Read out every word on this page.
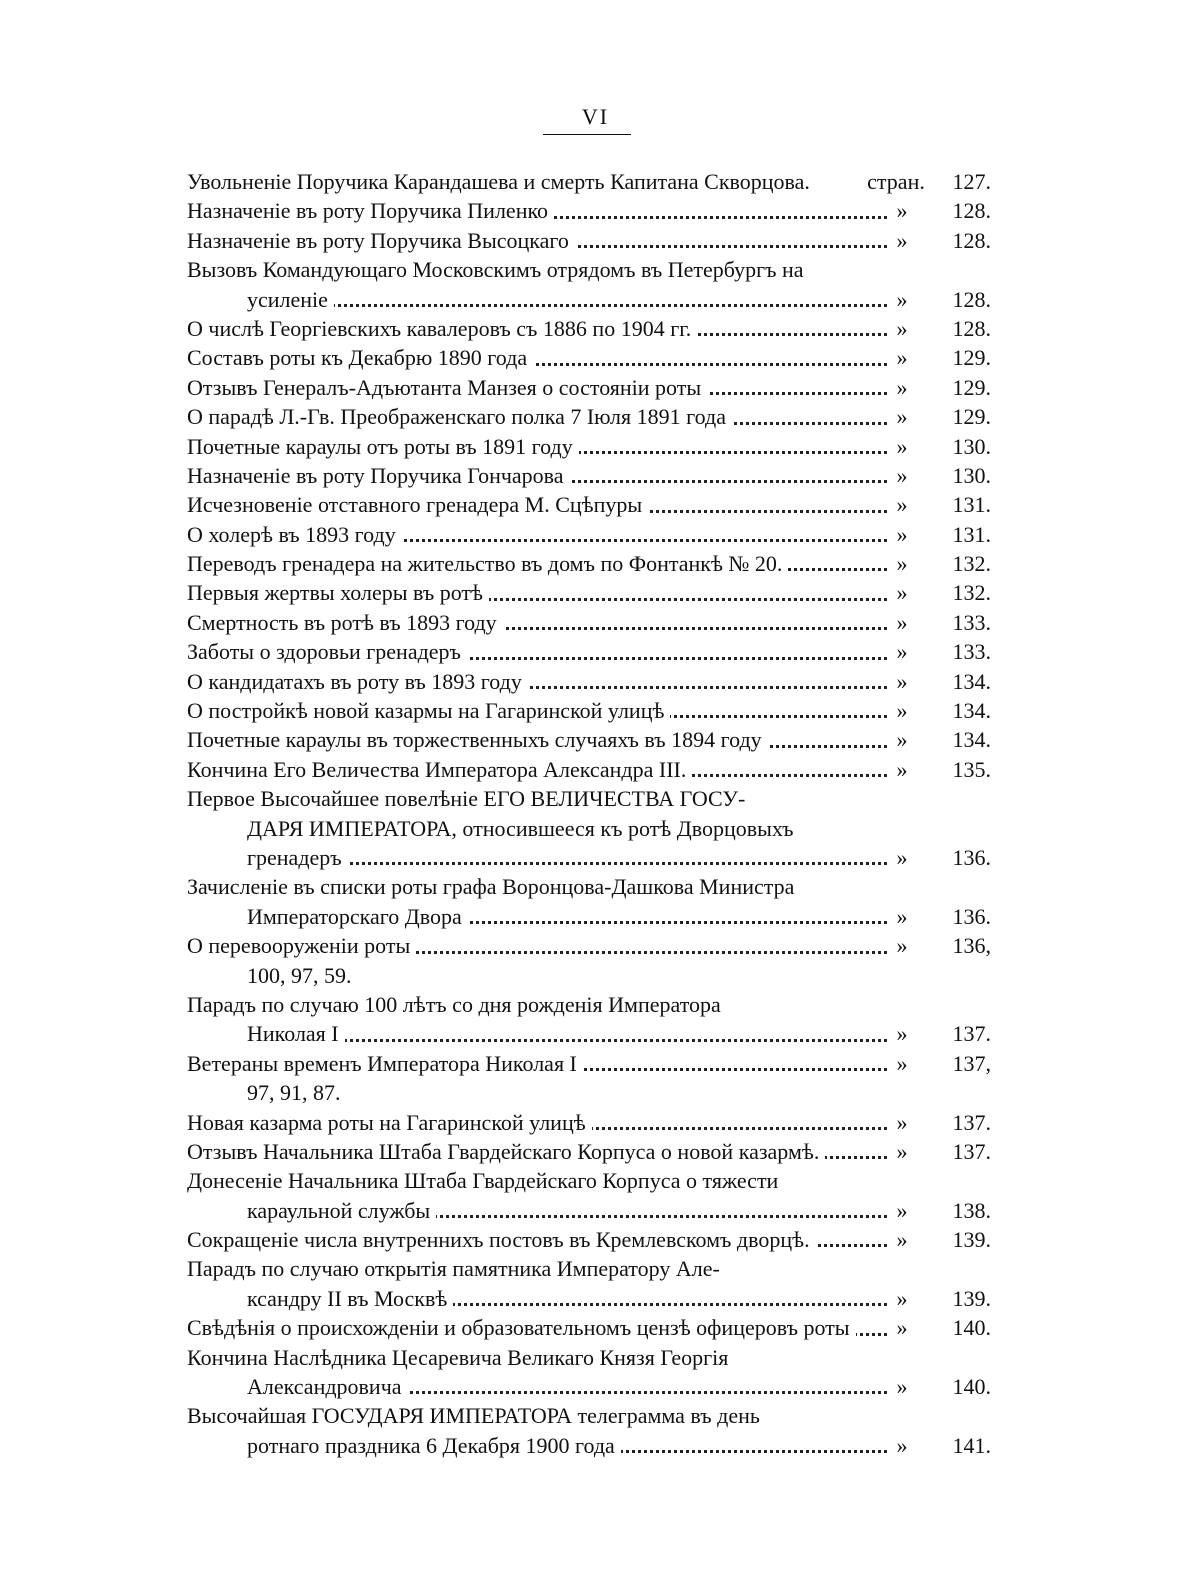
VI
Увольненіе Поручика Карандашева и смерть Капитана Скворцова.	стран.	127.
Назначеніе въ роту Поручика Пиленко	»	128.
Назначеніе въ роту Поручика Высоцкаго	»	128.
Вызовъ Командующаго Московскимъ отрядомъ въ Петербургъ на
усиленіе	»	128.
О числѣ Георгіевскихъ кавалеровъ съ 1886 по 1904 гг.	»	128.
Составъ роты къ Декабрю 1890 года	»	129.
Отзывъ Генералъ-Адъютанта Манзея о состояніи роты	»	129.
О парадѣ Л.-Гв. Преображенскаго полка 7 Іюля 1891 года	»	129.
Почетные караулы отъ роты въ 1891 году	»	130.
Назначеніе въ роту Поручика Гончарова	»	130.
Исчезновеніе отставного гренадера М. Сцѣпуры	»	131.
О холерѣ въ 1893 году	»	131.
Переводъ гренадера на жительство въ домъ по Фонтанкѣ № 20.	»	132.
Первыя жертвы холеры въ ротѣ	»	132.
Смертность въ ротѣ въ 1893 году	»	133.
Заботы о здоровьи гренадеръ	»	133.
О кандидатахъ въ роту въ 1893 году	»	134.
О постройкѣ новой казармы на Гагаринской улицѣ	»	134.
Почетные караулы въ торжественныхъ случаяхъ въ 1894 году	»	134.
Кончина Его Величества Императора Александра III.	»	135.
Первое Высочайшее повелѣніе ЕГО ВЕЛИЧЕСТВА ГОСУ-
ДАРЯ ИМПЕРАТОРА, относившееся къ ротѣ Дворцовыхъ
гренадеръ	»	136.
Зачисленіе въ списки роты графа Воронцова-Дашкова Министра
Императорскаго Двора	»	136.
О перевооруженіи роты	»	136,
100, 97, 59.
Парадъ по случаю 100 лѣтъ со дня рожденія Императора
Николая I	»	137.
Ветераны временъ Императора Николая I	»	137,
97, 91, 87.
Новая казарма роты на Гагаринской улицѣ	»	137.
Отзывъ Начальника Штаба Гвардейскаго Корпуса о новой казармѣ.	»	137.
Донесеніе Начальника Штаба Гвардейскаго Корпуса о тяжести
караульной службы	»	138.
Сокращеніе числа внутреннихъ постовъ въ Кремлевскомъ дворцѣ.	»	139.
Парадъ по случаю открытія памятника Императору Але-
ксандру II въ Москвѣ	»	139.
Свѣдѣнія о происхожденіи и образовательномъ цензѣ офицеровъ роты »	140.
Кончина Наслѣдника Цесаревича Великаго Князя Георгія
Александровича	»	140.
Высочайшая ГОСУДАРЯ ИМПЕРАТОРА телеграмма въ день
ротнаго праздника 6 Декабря 1900 года	»	141.
